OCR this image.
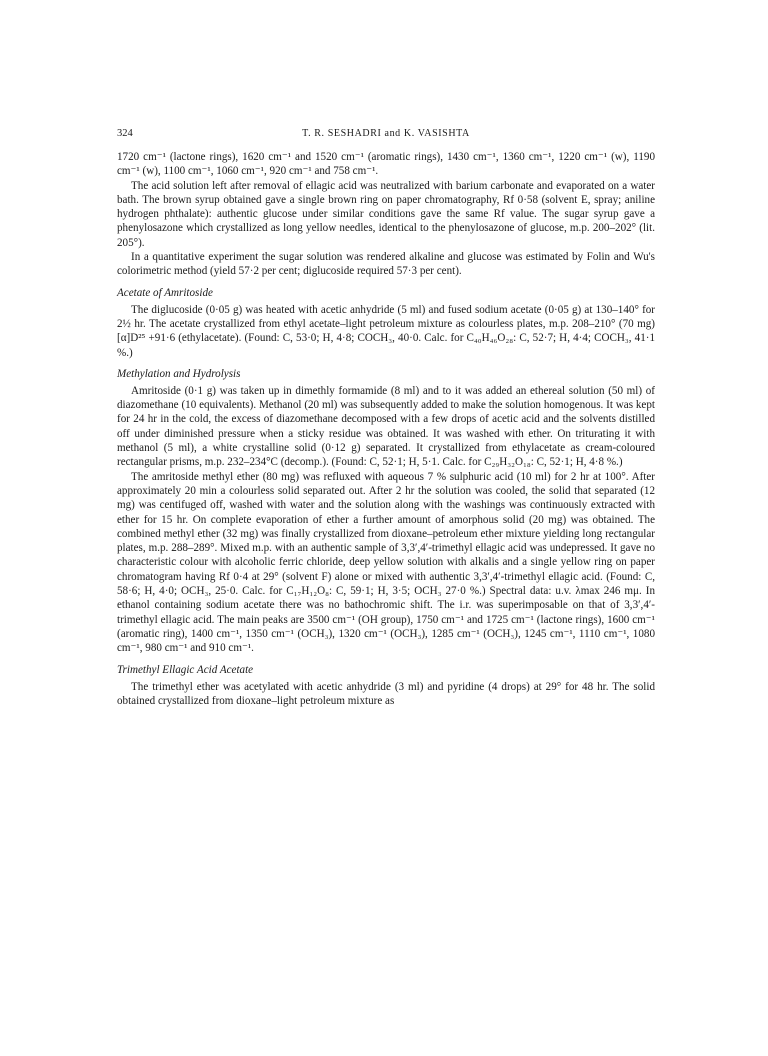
324	T. R. SESHADRI and K. VASISHTA

1720 cm⁻¹ (lactone rings), 1620 cm⁻¹ and 1520 cm⁻¹ (aromatic rings), 1430 cm⁻¹, 1360 cm⁻¹, 1220 cm⁻¹ (w), 1190 cm⁻¹ (w), 1100 cm⁻¹, 1060 cm⁻¹, 920 cm⁻¹ and 758 cm⁻¹.

The acid solution left after removal of ellagic acid was neutralized with barium carbonate and evaporated on a water bath. The brown syrup obtained gave a single brown ring on paper chromatography, Rf 0·58 (solvent E, spray; aniline hydrogen phthalate): authentic glucose under similar conditions gave the same Rf value. The sugar syrup gave a phenylosazone which crystallized as long yellow needles, identical to the phenylosazone of glucose, m.p. 200–202° (lit. 205°).

In a quantitative experiment the sugar solution was rendered alkaline and glucose was estimated by Folin and Wu's colorimetric method (yield 57·2 per cent; diglucoside required 57·3 per cent).

Acetate of Amritoside

The diglucoside (0·05 g) was heated with acetic anhydride (5 ml) and fused sodium acetate (0·05 g) at 130–140° for 2½ hr. The acetate crystallized from ethyl acetate–light petroleum mixture as colourless plates, m.p. 208–210° (70 mg) [α]D²⁵ +91·6 (ethylacetate). (Found: C, 53·0; H, 4·8; COCH₃, 40·0. Calc. for C₄₀H₄₆O₂₈: C, 52·7; H, 4·4; COCH₃, 41·1 %.)

Methylation and Hydrolysis

Amritoside (0·1 g) was taken up in dimethly formamide (8 ml) and to it was added an ethereal solution (50 ml) of diazomethane (10 equivalents). Methanol (20 ml) was subsequently added to make the solution homogenous. It was kept for 24 hr in the cold, the excess of diazomethane decomposed with a few drops of acetic acid and the solvents distilled off under diminished pressure when a sticky residue was obtained. It was washed with ether. On triturating it with methanol (5 ml), a white crystalline solid (0·12 g) separated. It crystallized from ethylacetate as cream-coloured rectangular prisms, m.p. 232–234°C (decomp.). (Found: C, 52·1; H, 5·1. Calc. for C₂₉H₃₂O₁₈: C, 52·1; H, 4·8 %.)

The amritoside methyl ether (80 mg) was refluxed with aqueous 7 % sulphuric acid (10 ml) for 2 hr at 100°. After approximately 20 min a colourless solid separated out. After 2 hr the solution was cooled, the solid that separated (12 mg) was centifuged off, washed with water and the solution along with the washings was continuously extracted with ether for 15 hr. On complete evaporation of ether a further amount of amorphous solid (20 mg) was obtained. The combined methyl ether (32 mg) was finally crystallized from dioxane–petroleum ether mixture yielding long rectangular plates, m.p. 288–289°. Mixed m.p. with an authentic sample of 3,3′,4′-trimethyl ellagic acid was undepressed. It gave no characteristic colour with alcoholic ferric chloride, deep yellow solution with alkalis and a single yellow ring on paper chromatogram having Rf 0·4 at 29° (solvent F) alone or mixed with authentic 3,3′,4′-trimethyl ellagic acid. (Found: C, 58·6; H, 4·0; OCH₃, 25·0. Calc. for C₁₇H₁₂O₈: C, 59·1; H, 3·5; OCH₃ 27·0 %.) Spectral data: u.v. λmax 246 mμ. In ethanol containing sodium acetate there was no bathochromic shift. The i.r. was superimposable on that of 3,3′,4′-trimethyl ellagic acid. The main peaks are 3500 cm⁻¹ (OH group), 1750 cm⁻¹ and 1725 cm⁻¹ (lactone rings), 1600 cm⁻¹ (aromatic ring), 1400 cm⁻¹, 1350 cm⁻¹ (OCH₃), 1320 cm⁻¹ (OCH₃), 1285 cm⁻¹ (OCH₃), 1245 cm⁻¹, 1110 cm⁻¹, 1080 cm⁻¹, 980 cm⁻¹ and 910 cm⁻¹.

Trimethyl Ellagic Acid Acetate

The trimethyl ether was acetylated with acetic anhydride (3 ml) and pyridine (4 drops) at 29° for 48 hr. The solid obtained crystallized from dioxane–light petroleum mixture as
